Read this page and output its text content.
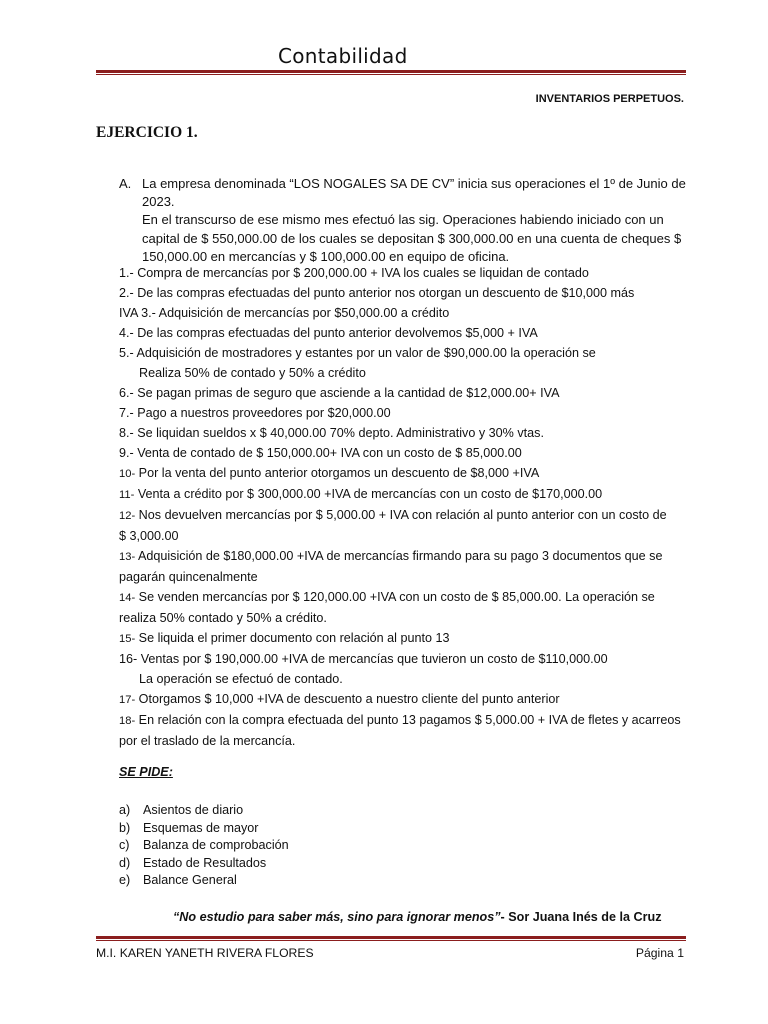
Contabilidad
INVENTARIOS PERPETUOS.
EJERCICIO 1.
A. La empresa denominada “LOS NOGALES SA DE CV” inicia sus operaciones el 1º de Junio de 2023.
En el transcurso de ese mismo mes efectuó las sig. Operaciones habiendo iniciado con un
capital de $ 550,000.00 de los cuales se depositan $ 300,000.00 en una cuenta de cheques $
150,000.00 en mercancías y $ 100,000.00 en equipo de oficina.
1.- Compra de mercancías por $ 200,000.00 + IVA los cuales se liquidan de contado
2.- De las compras efectuadas del punto anterior nos otorgan un descuento de $10,000 más
IVA 3.- Adquisición de mercancías por $50,000.00 a crédito
4.- De las compras efectuadas del punto anterior devolvemos $5,000 + IVA
5.- Adquisición de mostradores y estantes por un valor de $90,000.00 la operación se
Realiza 50% de contado y 50% a crédito
6.- Se pagan primas de seguro que asciende a la cantidad de $12,000.00+ IVA
7.- Pago a nuestros proveedores por $20,000.00
8.- Se liquidan sueldos x $ 40,000.00 70% depto. Administrativo y 30% vtas.
9.- Venta de contado de $ 150,000.00+ IVA con un costo de $ 85,000.00
10- Por la venta del punto anterior otorgamos un descuento de $8,000 +IVA
11- Venta a crédito por $ 300,000.00 +IVA de mercancías con un costo de $170,000.00
12- Nos devuelven mercancías por $ 5,000.00 + IVA con relación al punto anterior con un costo de
$ 3,000.00
13- Adquisición de $180,000.00 +IVA de mercancías firmando para su pago 3 documentos que se
pagarán quincenalmente
14- Se venden mercancías por $ 120,000.00 +IVA con un costo de $ 85,000.00. La operación se
realiza 50% contado y 50% a crédito.
15- Se liquida el primer documento con relación al punto 13
16- Ventas por $ 190,000.00 +IVA de mercancías que tuvieron un costo de $110,000.00
La operación se efectuó de contado.
17- Otorgamos $ 10,000 +IVA de descuento a nuestro cliente del punto anterior
18- En relación con la compra efectuada del punto 13 pagamos $ 5,000.00 + IVA de fletes y acarreos
por el traslado de la mercancía.
SE PIDE:
a) Asientos de diario
b) Esquemas de mayor
c) Balanza de comprobación
d) Estado de Resultados
e) Balance General
“No estudio para saber más, sino para ignorar menos”- Sor Juana Inés de la Cruz
M.I. KAREN YANETH RIVERA FLORES	Página 1
